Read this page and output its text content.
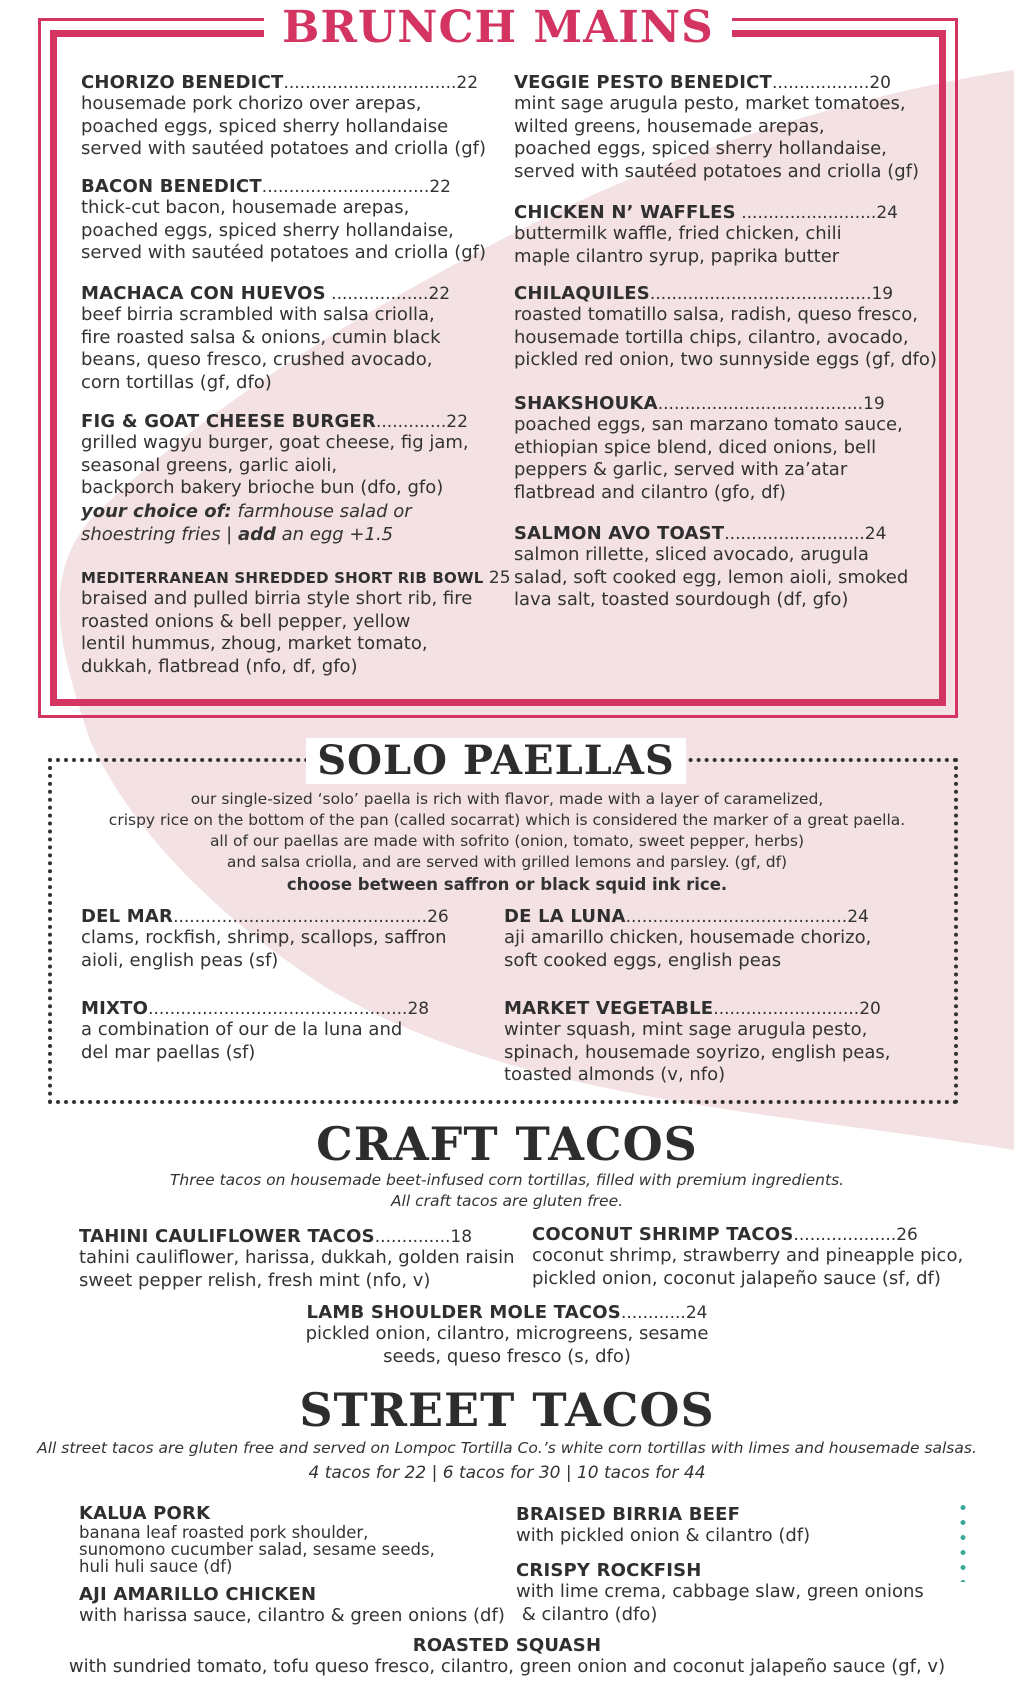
BRUNCH MAINS
CHORIZO BENEDICT................................22
housemade pork chorizo over arepas,
poached eggs, spiced sherry hollandaise
served with sautéed potatoes and criolla (gf)
BACON BENEDICT...............................22
thick-cut bacon, housemade arepas,
poached eggs, spiced sherry hollandaise,
served with sautéed potatoes and criolla (gf)
MACHACA CON HUEVOS ..................22
beef birria scrambled with salsa criolla,
fire roasted salsa & onions, cumin black
beans, queso fresco, crushed avocado,
corn tortillas (gf, dfo)
FIG & GOAT CHEESE BURGER.............22
grilled wagyu burger, goat cheese, fig jam,
seasonal greens, garlic aioli,
backporch bakery brioche bun (dfo, gfo)
your choice of: farmhouse salad or
shoestring fries | add an egg +1.5
MEDITERRANEAN SHREDDED SHORT RIB BOWL 25
braised and pulled birria style short rib, fire
roasted onions & bell pepper, yellow
lentil hummus, zhoug, market tomato,
dukkah, flatbread (nfo, df, gfo)
VEGGIE PESTO BENEDICT..................20
mint sage arugula pesto, market tomatoes,
wilted greens, housemade arepas,
poached eggs, spiced sherry hollandaise,
served with sautéed potatoes and criolla (gf)
CHICKEN N’ WAFFLES .........................24
buttermilk waffle, fried chicken, chili
maple cilantro syrup, paprika butter
CHILAQUILES.........................................19
roasted tomatillo salsa, radish, queso fresco,
housemade tortilla chips, cilantro, avocado,
pickled red onion, two sunnyside eggs (gf, dfo)
SHAKSHOUKA......................................19
poached eggs, san marzano tomato sauce,
ethiopian spice blend, diced onions, bell
peppers & garlic, served with za’atar
flatbread and cilantro (gfo, df)
SALMON AVO TOAST..........................24
salmon rillette, sliced avocado, arugula
salad, soft cooked egg, lemon aioli, smoked
lava salt, toasted sourdough (df, gfo)
SOLO PAELLAS
our single-sized ‘solo’ paella is rich with flavor, made with a layer of caramelized,
crispy rice on the bottom of the pan (called socarrat) which is considered the marker of a great paella.
all of our paellas are made with sofrito (onion, tomato, sweet pepper, herbs)
and salsa criolla, and are served with grilled lemons and parsley. (gf, df)
choose between saffron or black squid ink rice.
DEL MAR...............................................26
clams, rockfish, shrimp, scallops, saffron
aioli, english peas (sf)
MIXTO................................................28
a combination of our de la luna and
del mar paellas (sf)
DE LA LUNA.........................................24
aji amarillo chicken, housemade chorizo,
soft cooked eggs, english peas
MARKET VEGETABLE...........................20
winter squash, mint sage arugula pesto,
spinach, housemade soyrizo, english peas,
toasted almonds (v, nfo)
CRAFT TACOS
Three tacos on housemade beet-infused corn tortillas, filled with premium ingredients.
All craft tacos are gluten free.
TAHINI CAULIFLOWER TACOS..............18
tahini cauliflower, harissa, dukkah, golden raisin
sweet pepper relish, fresh mint (nfo, v)
COCONUT SHRIMP TACOS...................26
coconut shrimp, strawberry and pineapple pico,
pickled onion, coconut jalapeño sauce (sf, df)
LAMB SHOULDER MOLE TACOS............24
pickled onion, cilantro, microgreens, sesame
seeds, queso fresco (s, dfo)
STREET TACOS
All street tacos are gluten free and served on Lompoc Tortilla Co.’s white corn tortillas with limes and housemade salsas.
4 tacos for 22 | 6 tacos for 30 | 10 tacos for 44
KALUA PORK
banana leaf roasted pork shoulder,
sunomono cucumber salad, sesame seeds,
huli huli sauce (df)
AJI AMARILLO CHICKEN
with harissa sauce, cilantro & green onions (df)
BRAISED BIRRIA BEEF
with pickled onion & cilantro (df)
CRISPY ROCKFISH
with lime crema, cabbage slaw, green onions
& cilantro (dfo)
ROASTED SQUASH
with sundried tomato, tofu queso fresco, cilantro, green onion and coconut jalapeño sauce (gf, v)
